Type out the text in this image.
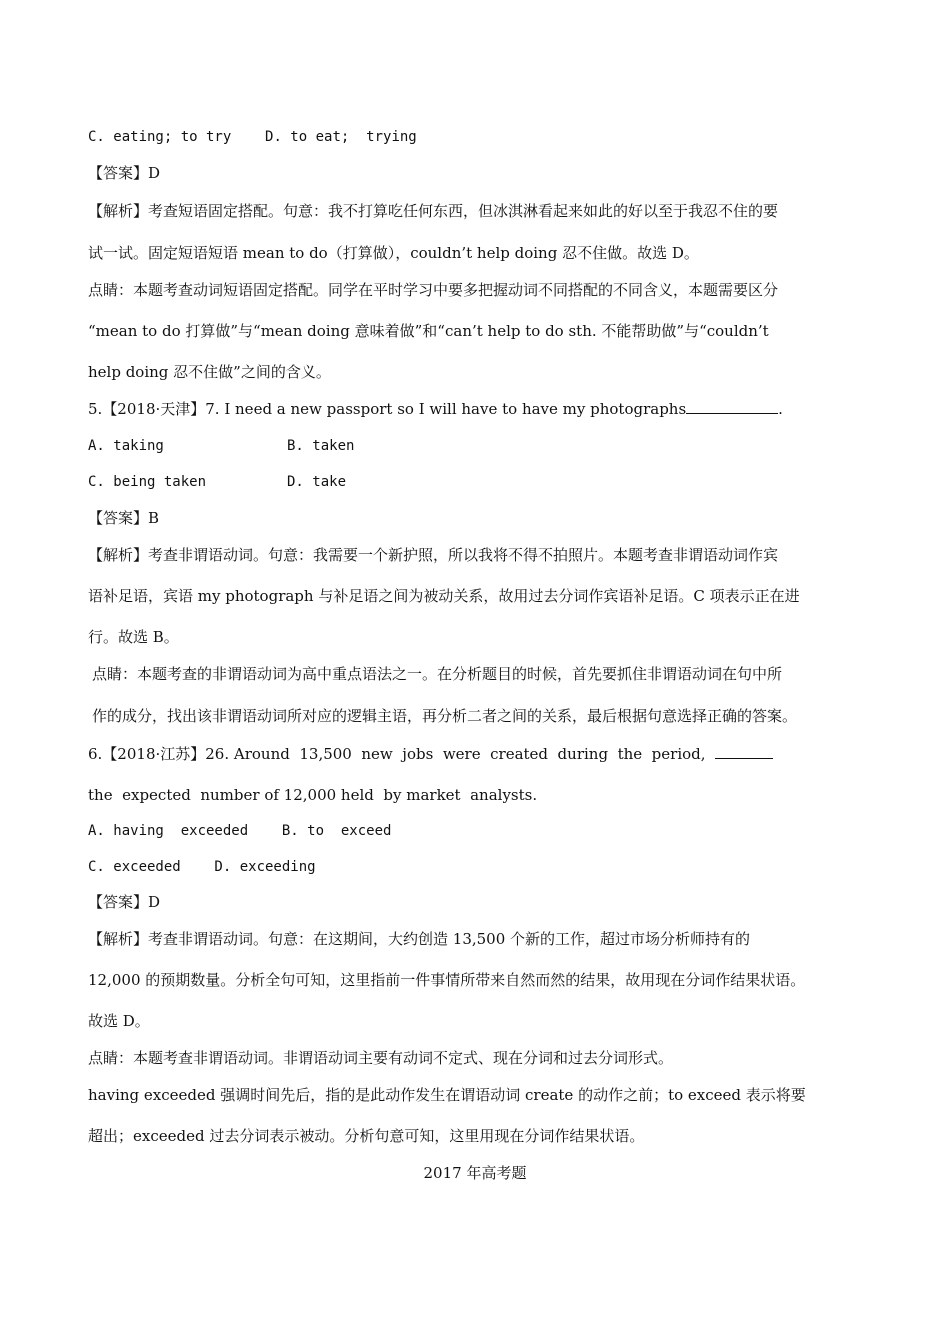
C. eating; to try D. to eat;  trying
【答案】D
【解析】考查短语固定搭配。句意：我不打算吃任何东西，但冰淇淋看起来如此的好以至于我忍不住的要
试一试。固定短语短语 mean to do（打算做），couldn’t help doing 忍不住做。故选 D。
点睛：本题考查动词短语固定搭配。同学在平时学习中要多把握动词不同搭配的不同含义，本题需要区分
“mean to do 打算做”与“mean doing 意味着做”和“can’t help to do sth. 不能帮助做”与“couldn’t
help doing 忍不住做”之间的含义。
5.【2018·天津】7. I need a new passport so I will have to have my photographs	.
A. taking	B. taken
C. being taken	D. take
【答案】B
【解析】考查非谓语动词。句意：我需要一个新护照，所以我将不得不拍照片。本题考查非谓语动词作宾
语补足语，宾语 my photograph 与补足语之间为被动关系，故用过去分词作宾语补足语。C 项表示正在进
行。故选 B。
点睛：本题考查的非谓语动词为高中重点语法之一。在分析题目的时候，首先要抓住非谓语动词在句中所
作的成分，找出该非谓语动词所对应的逻辑主语，再分析二者之间的关系，最后根据句意选择正确的答案。
6.【2018·江苏】26. Around  13,500  new  jobs  were  created  during  the  period,
the  expected  number of 12,000 held  by market  analysts.
A. having  exceeded    B. to  exceed
C. exceeded    D. exceeding
【答案】D
【解析】考查非谓语动词。句意：在这期间，大约创造 13,500 个新的工作，超过市场分析师持有的
12,000 的预期数量。分析全句可知，这里指前一件事情所带来自然而然的结果，故用现在分词作结果状语。
故选 D。
点睛：本题考查非谓语动词。非谓语动词主要有动词不定式、现在分词和过去分词形式。
having exceeded 强调时间先后，指的是此动作发生在谓语动词 create 的动作之前；to exceed 表示将要
超出；exceeded 过去分词表示被动。分析句意可知，这里用现在分词作结果状语。
2017 年高考题
